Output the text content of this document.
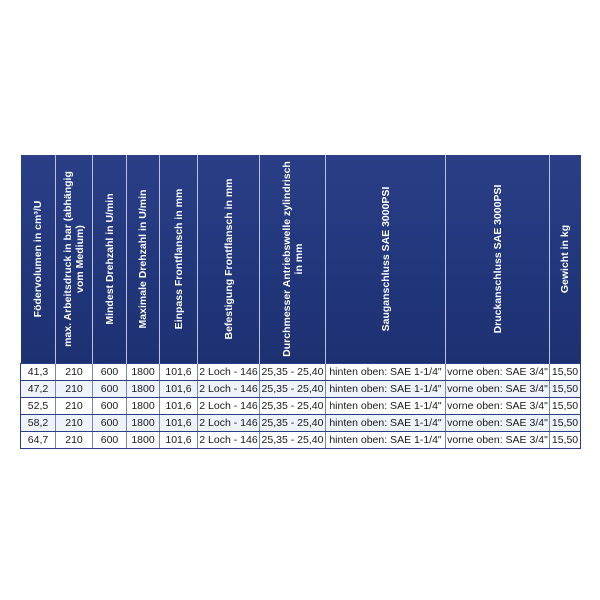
Födervolumen in cm³/U	max. Arbeitsdruck in bar (abhängig vom Medium)	Mindest Drehzahl in U/min	Maximale Drehzahl in U/min	Einpass Frontflansch in mm	Befestigung Frontflansch in mm	Durchmesser Antriebswelle zylindrisch in mm	Sauganschluss SAE 3000PSI	Druckanschluss SAE 3000PSI	Gewicht in kg

41,3	210	600	1800	101,6	2 Loch - 146	25,35 - 25,40	hinten oben: SAE 1-1/4"	vorne oben: SAE 3/4"	15,50
47,2	210	600	1800	101,6	2 Loch - 146	25,35 - 25,40	hinten oben: SAE 1-1/4"	vorne oben: SAE 3/4"	15,50
52,5	210	600	1800	101,6	2 Loch - 146	25,35 - 25,40	hinten oben: SAE 1-1/4"	vorne oben: SAE 3/4"	15,50
58,2	210	600	1800	101,6	2 Loch - 146	25,35 - 25,40	hinten oben: SAE 1-1/4"	vorne oben: SAE 3/4"	15,50
64,7	210	600	1800	101,6	2 Loch - 146	25,35 - 25,40	hinten oben: SAE 1-1/4"	vorne oben: SAE 3/4"	15,50
